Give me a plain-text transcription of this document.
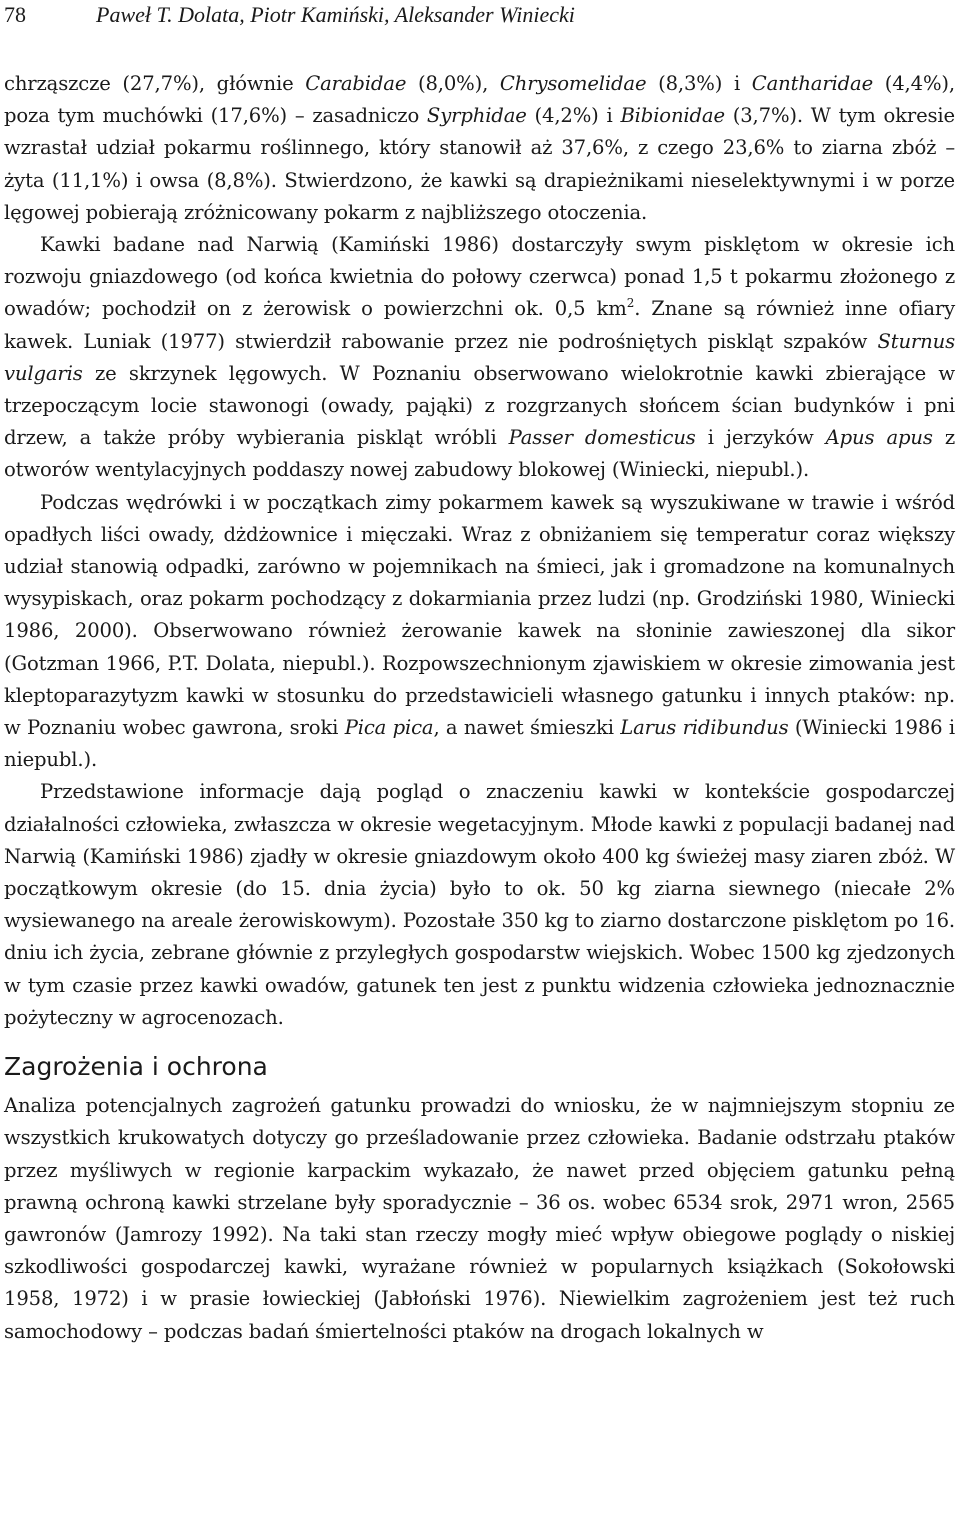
78	Paweł T. Dolata, Piotr Kamiński, Aleksander Winiecki

chrząszcze (27,7%), głównie Carabidae (8,0%), Chrysomelidae (8,3%) i Cantharidae (4,4%), poza tym muchówki (17,6%) – zasadniczo Syrphidae (4,2%) i Bibionidae (3,7%). W tym okresie wzrastał udział pokarmu roślinnego, który stanowił aż 37,6%, z czego 23,6% to ziarna zbóż – żyta (11,1%) i owsa (8,8%). Stwierdzono, że kawki są drapieżnikami nieselektywnymi i w porze lęgowej pobierają zróżnicowany pokarm z najbliższego otoczenia.

Kawki badane nad Narwią (Kamiński 1986) dostarczyły swym pisklętom w okresie ich rozwoju gniazdowego (od końca kwietnia do połowy czerwca) ponad 1,5 t pokarmu złożonego z owadów; pochodził on z żerowisk o powierzchni ok. 0,5 $km^2$. Znane są również inne ofiary kawek. Luniak (1977) stwierdził rabowanie przez nie podrośniętych piskląt szpaków Sturnus vulgaris ze skrzynek lęgowych. W Poznaniu obserwowano wielokrotnie kawki zbierające w trzepoczącym locie stawonogi (owady, pająki) z rozgrzanych słońcem ścian budynków i pni drzew, a także próby wybierania piskląt wróbli Passer domesticus i jerzyków Apus apus z otworów wentylacyjnych poddaszy nowej zabudowy blokowej (Winiecki, niepubl.).

Podczas wędrówki i w początkach zimy pokarmem kawek są wyszukiwane w trawie i wśród opadłych liści owady, dżdżownice i mięczaki. Wraz z obniżaniem się temperatur coraz większy udział stanowią odpadki, zarówno w pojemnikach na śmieci, jak i gromadzone na komunalnych wysypiskach, oraz pokarm pochodzący z dokarmiania przez ludzi (np. Grodziński 1980, Winiecki 1986, 2000). Obserwowano również żerowanie kawek na słoninie zawieszonej dla sikor (Gotzman 1966, P.T. Dolata, niepubl.). Rozpowszechnionym zjawiskiem w okresie zimowania jest kleptoparazytyzm kawki w stosunku do przedstawicieli własnego gatunku i innych ptaków: np. w Poznaniu wobec gawrona, sroki Pica pica, a nawet śmieszki Larus ridibundus (Winiecki 1986 i niepubl.).

Przedstawione informacje dają pogląd o znaczeniu kawki w kontekście gospodarczej działalności człowieka, zwłaszcza w okresie wegetacyjnym. Młode kawki z populacji badanej nad Narwią (Kamiński 1986) zjadły w okresie gniazdowym około 400 kg świeżej masy ziaren zbóż. W początkowym okresie (do 15. dnia życia) było to ok. 50 kg ziarna siewnego (niecałe 2% wysiewanego na areale żerowiskowym). Pozostałe 350 kg to ziarno dostarczone pisklętom po 16. dniu ich życia, zebrane głównie z przyległych gospodarstw wiejskich. Wobec 1500 kg zjedzonych w tym czasie przez kawki owadów, gatunek ten jest z punktu widzenia człowieka jednoznacznie pożyteczny w agrocenozach.

Zagrożenia i ochrona

Analiza potencjalnych zagrożeń gatunku prowadzi do wniosku, że w najmniejszym stopniu ze wszystkich krukowatych dotyczy go prześladowanie przez człowieka. Badanie odstrzału ptaków przez myśliwych w regionie karpackim wykazało, że nawet przed objęciem gatunku pełną prawną ochroną kawki strzelane były sporadycznie – 36 os. wobec 6534 srok, 2971 wron, 2565 gawronów (Jamrozy 1992). Na taki stan rzeczy mogły mieć wpływ obiegowe poglądy o niskiej szkodliwości gospodarczej kawki, wyrażane również w popularnych książkach (Sokołowski 1958, 1972) i w prasie łowieckiej (Jabłoński 1976). Niewielkim zagrożeniem jest też ruch samochodowy – podczas badań śmiertelności ptaków na drogach lokalnych w
